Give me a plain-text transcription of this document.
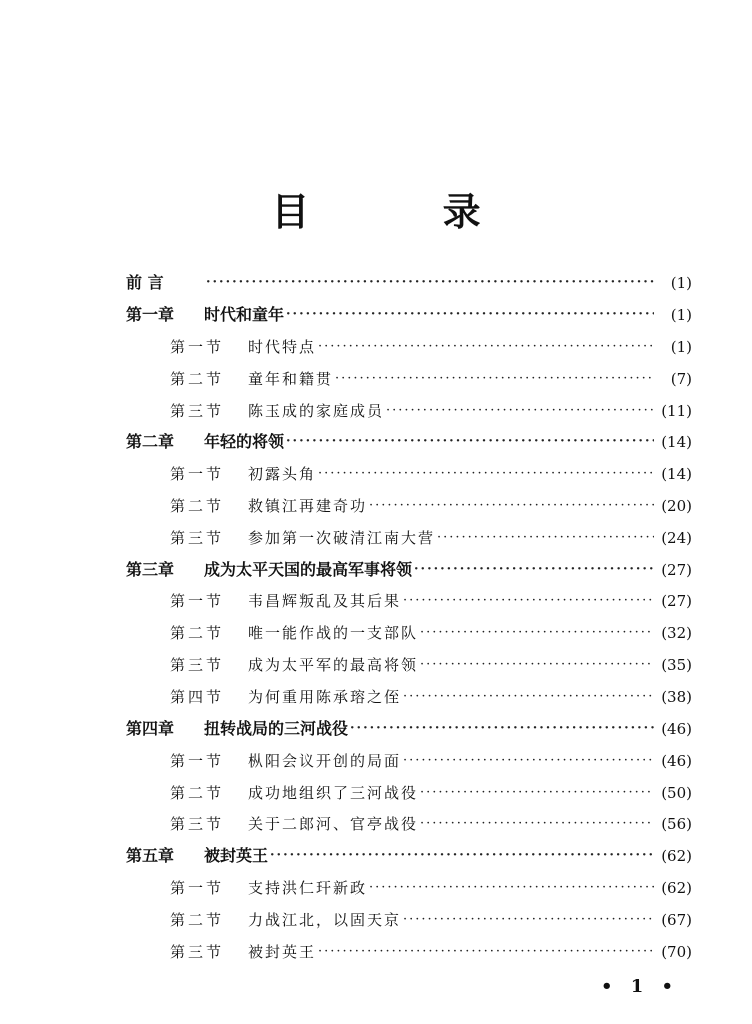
目 录
前 言 ·····	(1)
第一章	时代和童年 ·····	(1)
第一节	时代特点 ·····	(1)
第二节	童年和籍贯 ·····	(7)
第三节	陈玉成的家庭成员 ·····	(11)
第二章	年轻的将领 ·····	(14)
第一节	初露头角 ·····	(14)
第二节	救镇江再建奇功 ·····	(20)
第三节	参加第一次破清江南大营 ·····	(24)
第三章	成为太平天国的最高军事将领 ·····	(27)
第一节	韦昌辉叛乱及其后果 ·····	(27)
第二节	唯一能作战的一支部队 ·····	(32)
第三节	成为太平军的最高将领 ·····	(35)
第四节	为何重用陈承瑢之侄 ·····	(38)
第四章	扭转战局的三河战役 ·····	(46)
第一节	枞阳会议开创的局面 ·····	(46)
第二节	成功地组织了三河战役 ·····	(50)
第三节	关于二郎河、官亭战役 ·····	(56)
第五章	被封英王 ·····	(62)
第一节	支持洪仁玕新政 ·····	(62)
第二节	力战江北，以固天京 ·····	(67)
第三节	被封英王 ·····	(70)
• 1 •
